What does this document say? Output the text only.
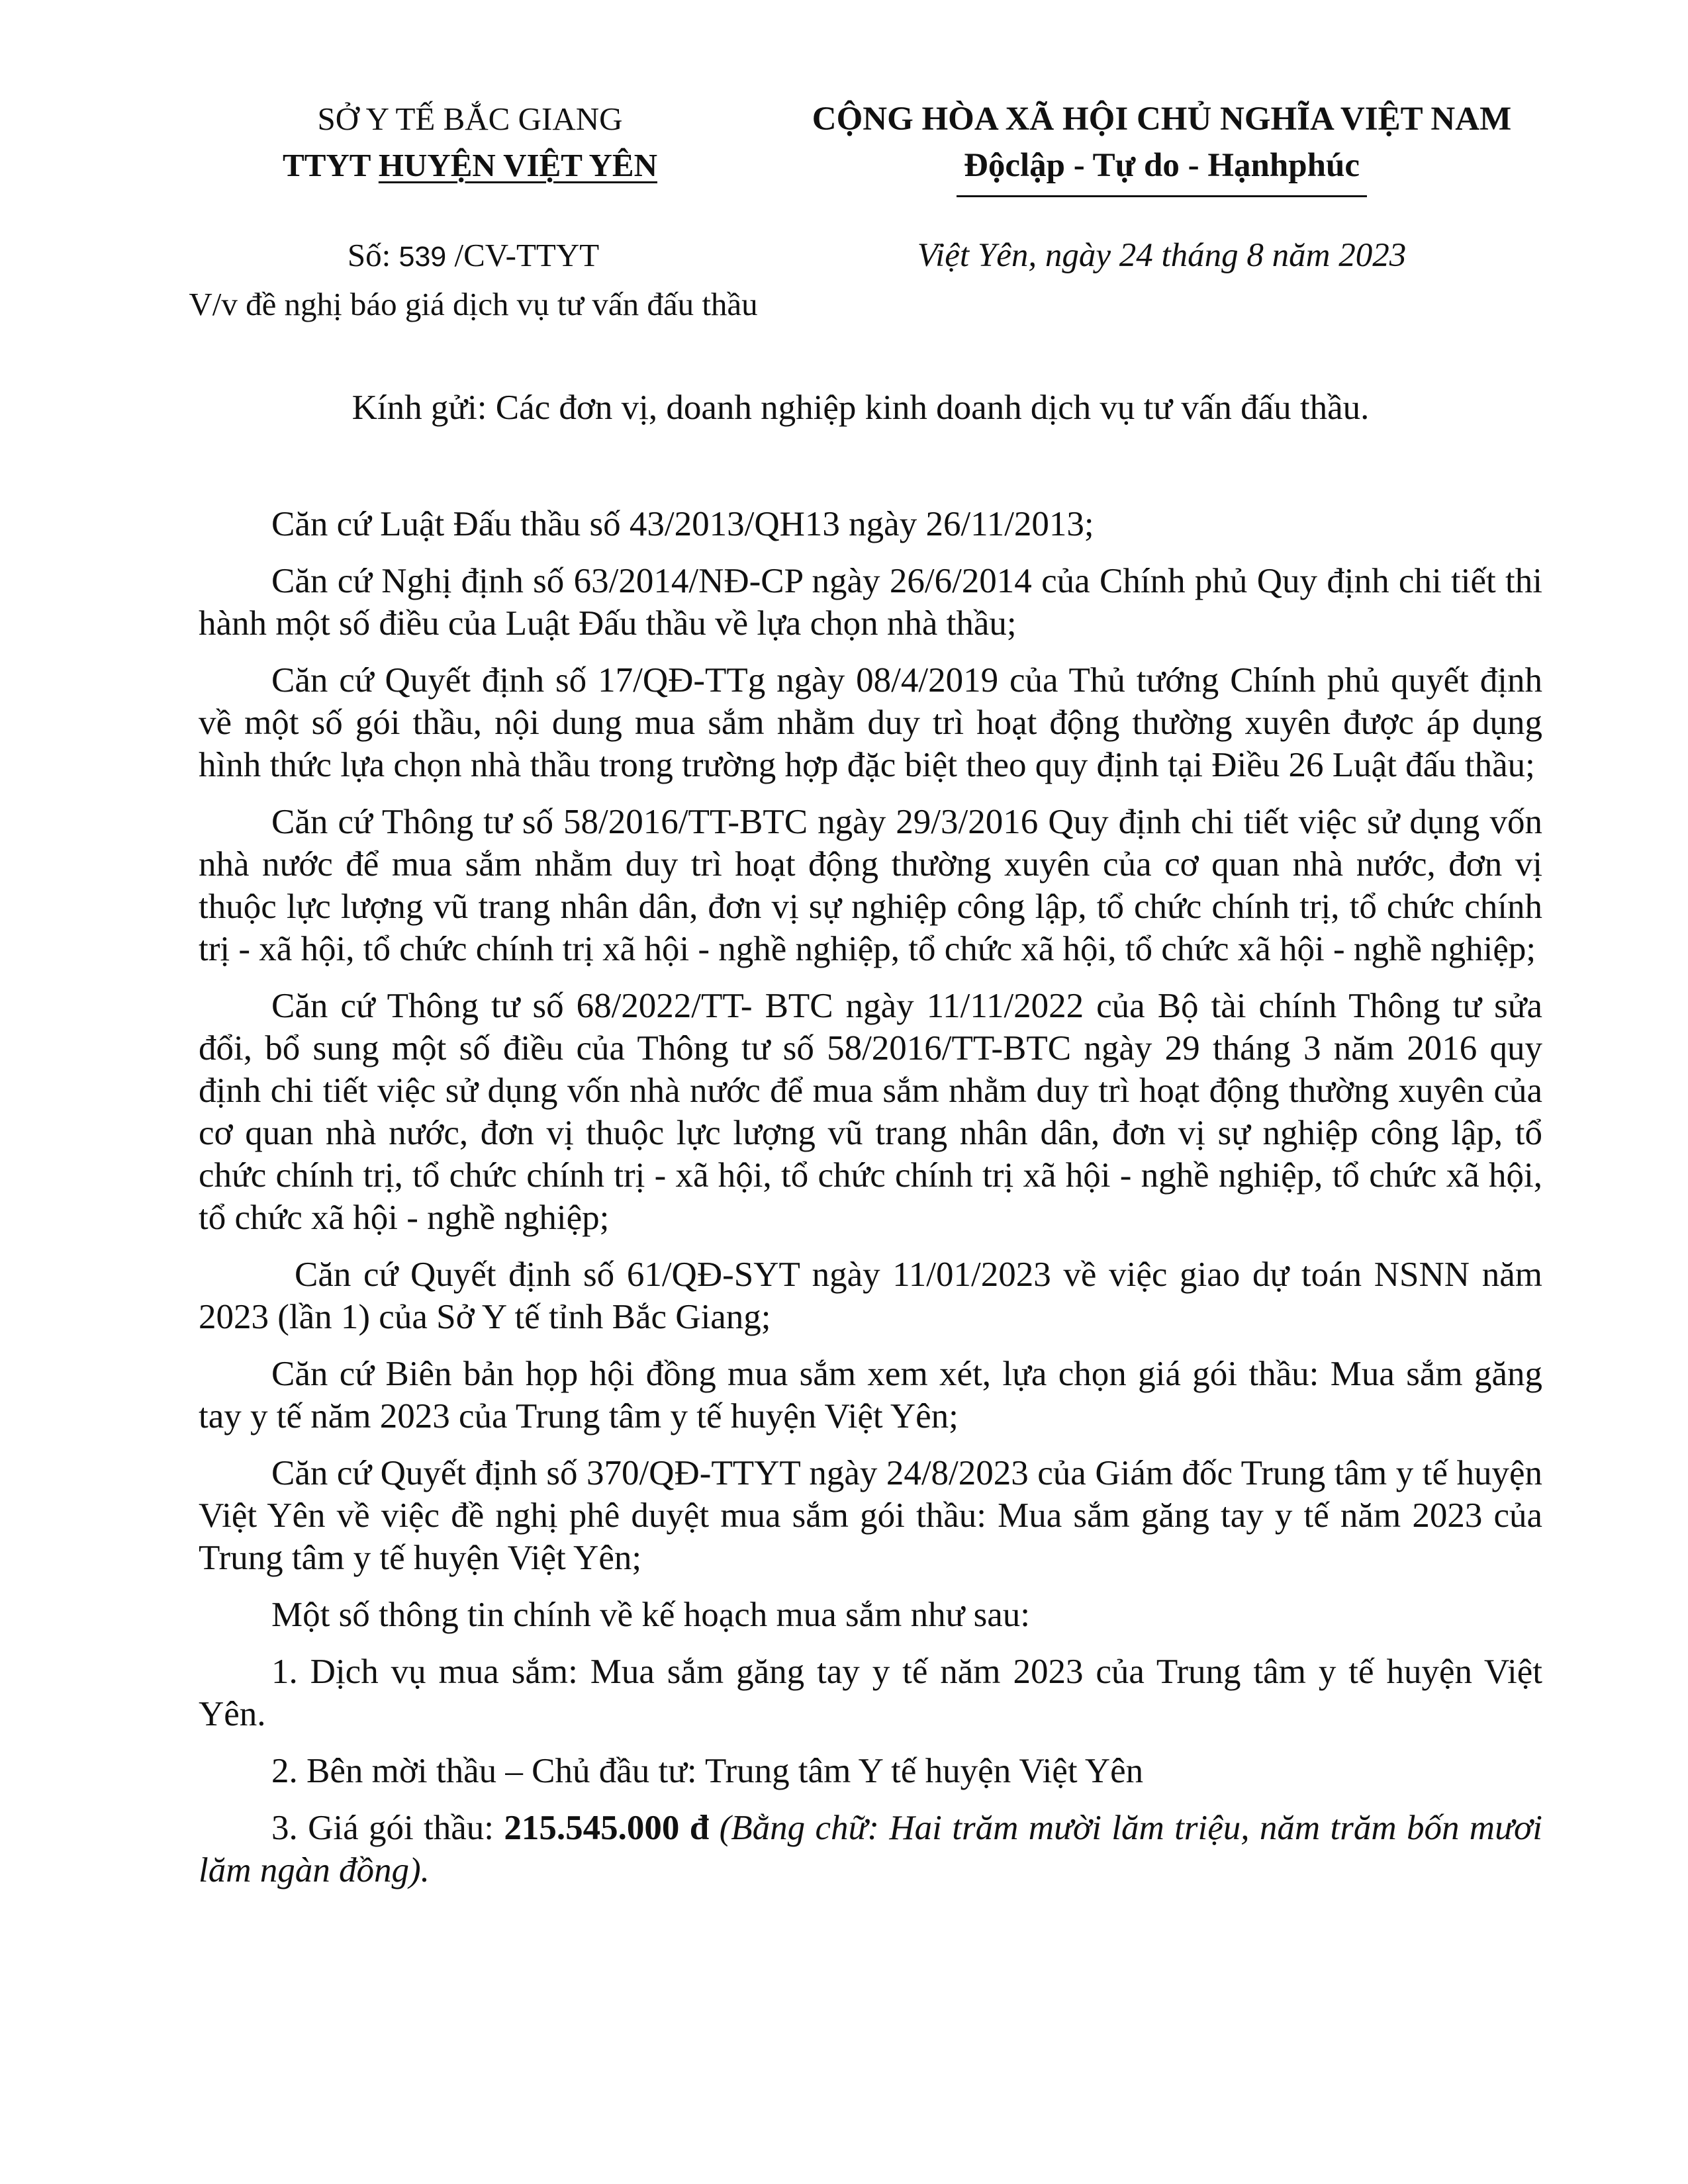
SỞ Y TẾ BẮC GIANG
TTYT HUYỆN VIỆT YÊN
CỘNG HÒA XÃ HỘI CHỦ NGHĨA VIỆT NAM
Độclập - Tự do - Hạnhphúc
Số: 539 /CV-TTYT
V/v đề nghị báo giá dịch vụ tư vấn đấu thầu
Việt Yên, ngày 24 tháng 8 năm 2023
Kính gửi: Các đơn vị, doanh nghiệp kinh doanh dịch vụ tư vấn đấu thầu.

Căn cứ Luật Đấu thầu số 43/2013/QH13 ngày 26/11/2013;

Căn cứ Nghị định số 63/2014/NĐ-CP ngày 26/6/2014 của Chính phủ Quy định chi tiết thi hành một số điều của Luật Đấu thầu về lựa chọn nhà thầu;

Căn cứ Quyết định số 17/QĐ-TTg ngày 08/4/2019 của Thủ tướng Chính phủ quyết định về một số gói thầu, nội dung mua sắm nhằm duy trì hoạt động thường xuyên được áp dụng hình thức lựa chọn nhà thầu trong trường hợp đặc biệt theo quy định tại Điều 26 Luật đấu thầu;

Căn cứ Thông tư số 58/2016/TT-BTC ngày 29/3/2016 Quy định chi tiết việc sử dụng vốn nhà nước để mua sắm nhằm duy trì hoạt động thường xuyên của cơ quan nhà nước, đơn vị thuộc lực lượng vũ trang nhân dân, đơn vị sự nghiệp công lập, tổ chức chính trị, tổ chức chính trị - xã hội, tổ chức chính trị xã hội - nghề nghiệp, tổ chức xã hội, tổ chức xã hội - nghề nghiệp;

Căn cứ Thông tư số 68/2022/TT- BTC ngày 11/11/2022 của Bộ tài chính Thông tư sửa đổi, bổ sung một số điều của Thông tư số 58/2016/TT-BTC ngày 29 tháng 3 năm 2016 quy định chi tiết việc sử dụng vốn nhà nước để mua sắm nhằm duy trì hoạt động thường xuyên của cơ quan nhà nước, đơn vị thuộc lực lượng vũ trang nhân dân, đơn vị sự nghiệp công lập, tổ chức chính trị, tổ chức chính trị - xã hội, tổ chức chính trị xã hội - nghề nghiệp, tổ chức xã hội, tổ chức xã hội - nghề nghiệp;

Căn cứ Quyết định số 61/QĐ-SYT ngày 11/01/2023 về việc giao dự toán NSNN năm 2023 (lần 1) của Sở Y tế tỉnh Bắc Giang;

Căn cứ Biên bản họp hội đồng mua sắm xem xét, lựa chọn giá gói thầu: Mua sắm găng tay y tế năm 2023 của Trung tâm y tế huyện Việt Yên;

Căn cứ Quyết định số 370/QĐ-TTYT ngày 24/8/2023 của Giám đốc Trung tâm y tế huyện Việt Yên về việc đề nghị phê duyệt mua sắm gói thầu: Mua sắm găng tay y tế năm 2023 của Trung tâm y tế huyện Việt Yên;

Một số thông tin chính về kế hoạch mua sắm như sau:

1. Dịch vụ mua sắm: Mua sắm găng tay y tế năm 2023 của Trung tâm y tế huyện Việt Yên.

2. Bên mời thầu – Chủ đầu tư: Trung tâm Y tế huyện Việt Yên

3. Giá gói thầu: 215.545.000 đ (Bằng chữ: Hai trăm mười lăm triệu, năm trăm bốn mươi lăm ngàn đồng).
